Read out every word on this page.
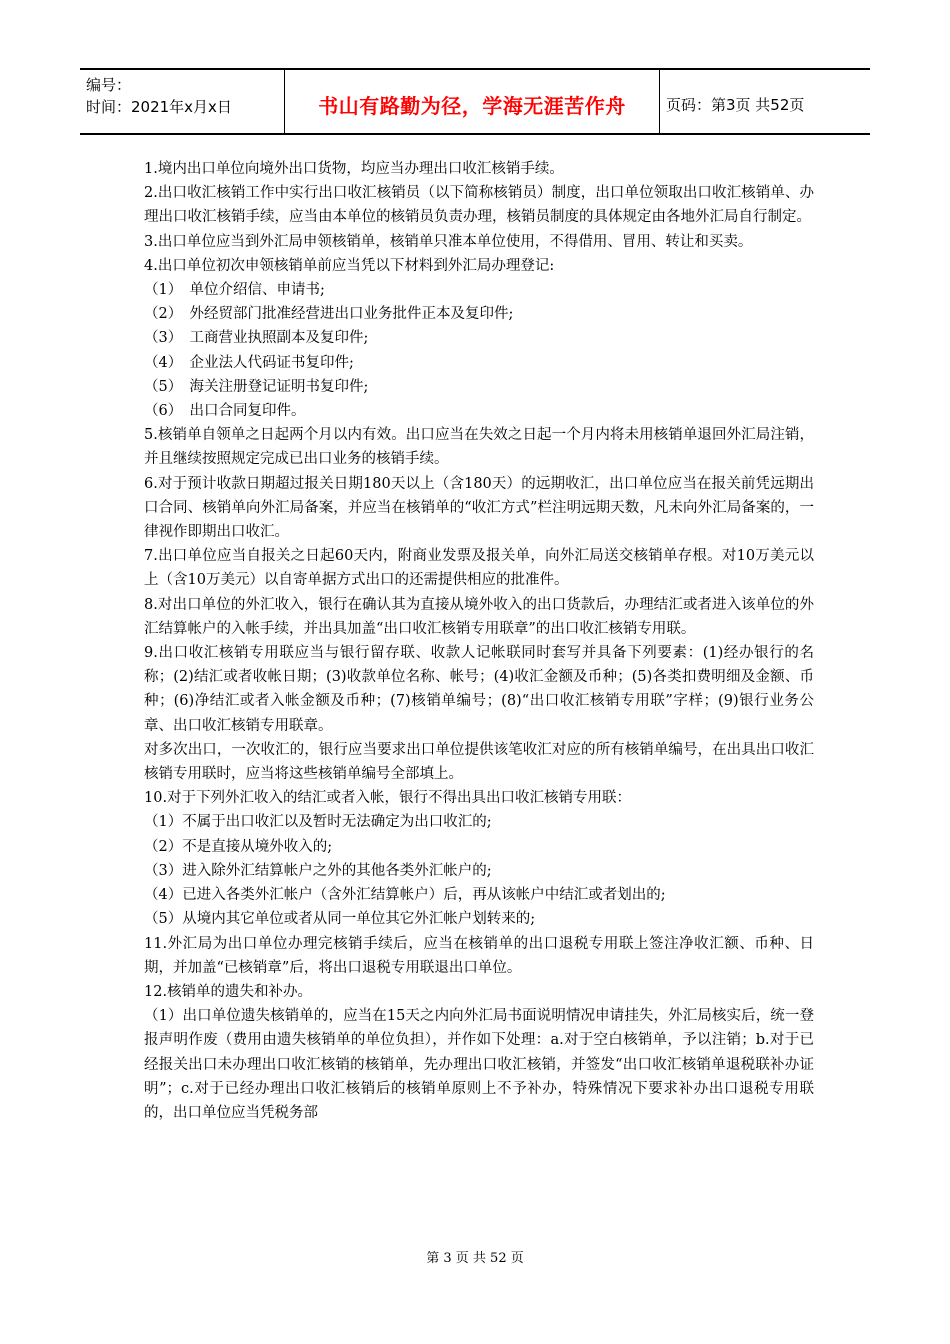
编号：
时间：2021年x月x日	书山有路勤为径，学海无涯苦作舟	页码：第3页 共52页

1.境内出口单位向境外出口货物，均应当办理出口收汇核销手续。

2.出口收汇核销工作中实行出口收汇核销员（以下简称核销员）制度，出口单位领取出口收汇核销单、办理出口收汇核销手续，应当由本单位的核销员负责办理，核销员制度的具体规定由各地外汇局自行制定。

3.出口单位应当到外汇局申领核销单，核销单只准本单位使用，不得借用、冒用、转让和买卖。

4.出口单位初次申领核销单前应当凭以下材料到外汇局办理登记:

（1）　单位介绍信、申请书;

（2）　外经贸部门批准经营进出口业务批件正本及复印件;

（3）　工商营业执照副本及复印件;

（4）　企业法人代码证书复印件;

（5）　海关注册登记证明书复印件;

（6）　出口合同复印件。

5.核销单自领单之日起两个月以内有效。出口应当在失效之日起一个月内将未用核销单退回外汇局注销，并且继续按照规定完成已出口业务的核销手续。

6.对于预计收款日期超过报关日期180天以上（含180天）的远期收汇，出口单位应当在报关前凭远期出口合同、核销单向外汇局备案，并应当在核销单的“收汇方式”栏注明远期天数，凡未向外汇局备案的，一律视作即期出口收汇。

7.出口单位应当自报关之日起60天内，附商业发票及报关单，向外汇局送交核销单存根。对10万美元以上（含10万美元）以自寄单据方式出口的还需提供相应的批准件。

8.对出口单位的外汇收入，银行在确认其为直接从境外收入的出口货款后，办理结汇或者进入该单位的外汇结算帐户的入帐手续，并出具加盖“出口收汇核销专用联章”的出口收汇核销专用联。

9.出口收汇核销专用联应当与银行留存联、收款人记帐联同时套写并具备下列要素：(1)经办银行的名称；(2)结汇或者收帐日期；(3)收款单位名称、帐号；(4)收汇金额及币种；(5)各类扣费明细及金额、币种；(6)净结汇或者入帐金额及币种；(7)核销单编号；(8)“出口收汇核销专用联”字样；(9)银行业务公章、出口收汇核销专用联章。

对多次出口，一次收汇的，银行应当要求出口单位提供该笔收汇对应的所有核销单编号，在出具出口收汇核销专用联时，应当将这些核销单编号全部填上。

10.对于下列外汇收入的结汇或者入帐，银行不得出具出口收汇核销专用联：

（1）不属于出口收汇以及暂时无法确定为出口收汇的;

（2）不是直接从境外收入的;

（3）进入除外汇结算帐户之外的其他各类外汇帐户的;

（4）已进入各类外汇帐户（含外汇结算帐户）后，再从该帐户中结汇或者划出的;

（5）从境内其它单位或者从同一单位其它外汇帐户划转来的;

11.外汇局为出口单位办理完核销手续后，应当在核销单的出口退税专用联上签注净收汇额、币种、日期，并加盖“已核销章”后，将出口退税专用联退出口单位。

12.核销单的遗失和补办。

（1）出口单位遗失核销单的，应当在15天之内向外汇局书面说明情况申请挂失，外汇局核实后，统一登报声明作废（费用由遗失核销单的单位负担），并作如下处理：a.对于空白核销单，予以注销；b.对于已经报关出口未办理出口收汇核销的核销单，先办理出口收汇核销，并签发“出口收汇核销单退税联补办证明”；c.对于已经办理出口收汇核销后的核销单原则上不予补办，特殊情况下要求补办出口退税专用联的，出口单位应当凭税务部

第 3 页 共 52 页
